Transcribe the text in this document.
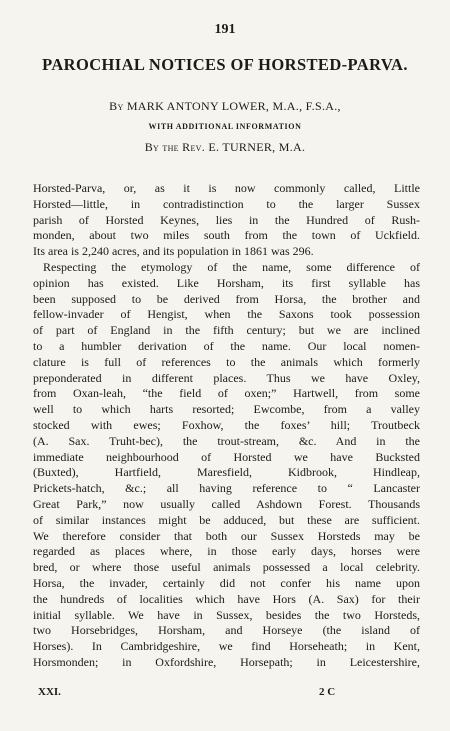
191
PAROCHIAL NOTICES OF HORSTED-PARVA.
By MARK ANTONY LOWER, M.A., F.S.A.,
WITH ADDITIONAL INFORMATION
By the Rev. E. TURNER, M.A.
Horsted-Parva, or, as it is now commonly called, Little
Horsted—little, in contradistinction to the larger Sussex
parish of Horsted Keynes, lies in the Hundred of Rush-
monden, about two miles south from the town of Uckfield.
Its area is 2,240 acres, and its population in 1861 was 296.
Respecting the etymology of the name, some difference of
opinion has existed. Like Horsham, its first syllable has
been supposed to be derived from Horsa, the brother and
fellow-invader of Hengist, when the Saxons took possession
of part of England in the fifth century; but we are inclined
to a humbler derivation of the name. Our local nomen-
clature is full of references to the animals which formerly
preponderated in different places. Thus we have Oxley,
from Oxan-leah, “the field of oxen;” Hartwell, from some
well to which harts resorted; Ewcombe, from a valley
stocked with ewes; Foxhow, the foxes’ hill; Troutbeck
(A. Sax. Truht-bec), the trout-stream, &c. And in the
immediate neighbourhood of Horsted we have Bucksted
(Buxted), Hartfield, Maresfield, Kidbrook, Hindleap,
Prickets-hatch, &c.; all having reference to “ Lancaster
Great Park,” now usually called Ashdown Forest. Thousands
of similar instances might be adduced, but these are sufficient.
We therefore consider that both our Sussex Horsteds may be
regarded as places where, in those early days, horses were
bred, or where those useful animals possessed a local celebrity.
Horsa, the invader, certainly did not confer his name upon
the hundreds of localities which have Hors (A. Sax) for their
initial syllable. We have in Sussex, besides the two Horsteds,
two Horsebridges, Horsham, and Horseye (the island of
Horses). In Cambridgeshire, we find Horseheath; in Kent,
Horsmonden; in Oxfordshire, Horsepath; in Leicestershire,
XXI.	2 C
